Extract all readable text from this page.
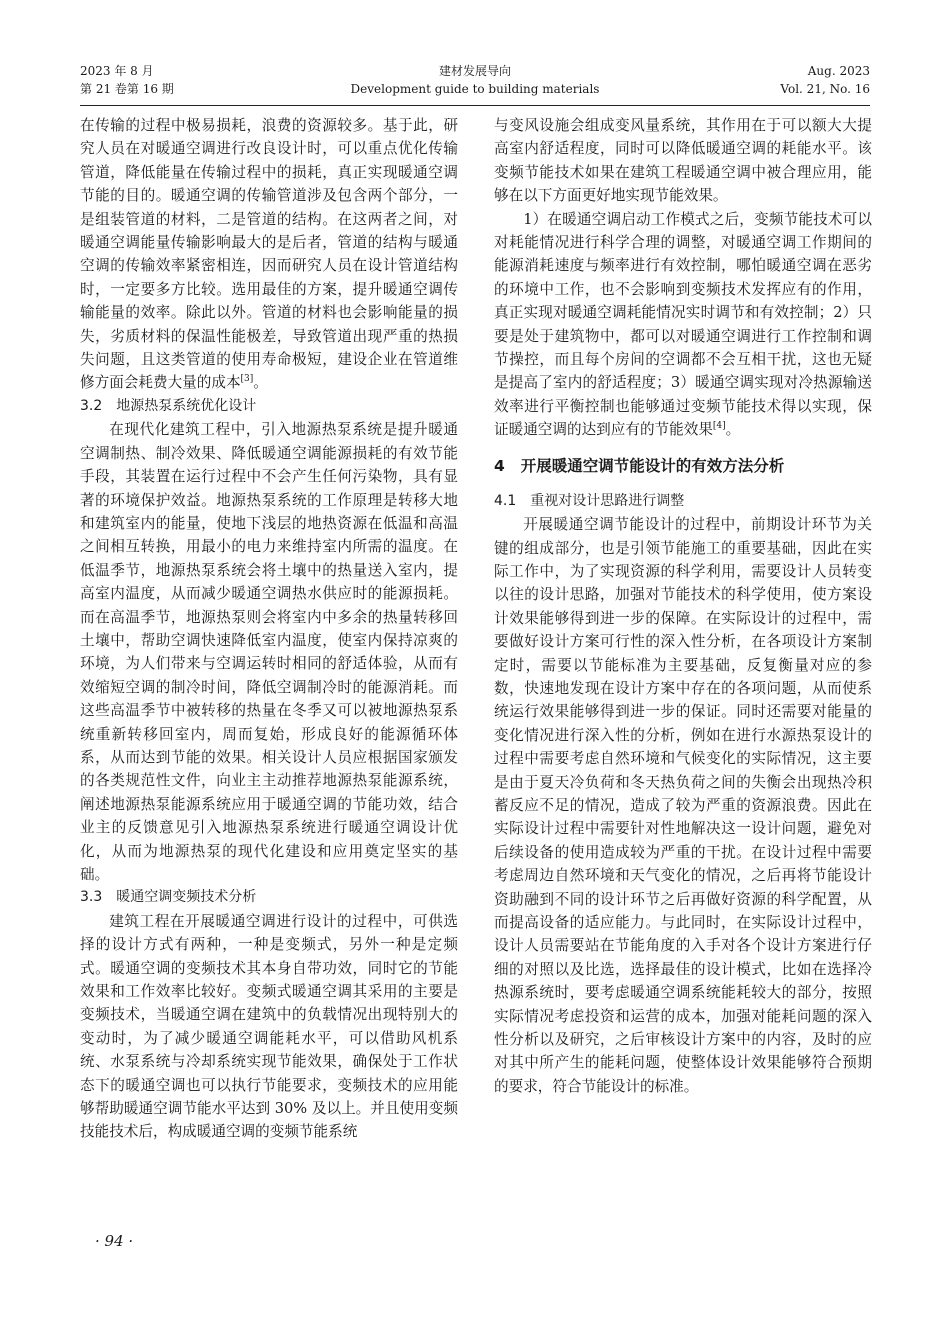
2023 年 8 月
第 21 卷第 16 期
建材发展导向
Development guide to building materials
Aug. 2023
Vol. 21, No. 16

在传输的过程中极易损耗，浪费的资源较多。基于此，研究人员在对暖通空调进行改良设计时，可以重点优化传输管道，降低能量在传输过程中的损耗，真正实现暖通空调节能的目的。暖通空调的传输管道涉及包含两个部分，一是组装管道的材料，二是管道的结构。在这两者之间，对暖通空调能量传输影响最大的是后者，管道的结构与暖通空调的传输效率紧密相连，因而研究人员在设计管道结构时，一定要多方比较。选用最佳的方案，提升暖通空调传输能量的效率。除此以外。管道的材料也会影响能量的损失，劣质材料的保温性能极差，导致管道出现严重的热损失问题，且这类管道的使用寿命极短，建设企业在管道维修方面会耗费大量的成本[3]。

3.2 地源热泵系统优化设计

在现代化建筑工程中，引入地源热泵系统是提升暖通空调制热、制冷效果、降低暖通空调能源损耗的有效节能手段，其装置在运行过程中不会产生任何污染物，具有显著的环境保护效益。地源热泵系统的工作原理是转移大地和建筑室内的能量，使地下浅层的地热资源在低温和高温之间相互转换，用最小的电力来维持室内所需的温度。在低温季节，地源热泵系统会将土壤中的热量送入室内，提高室内温度，从而减少暖通空调热水供应时的能源损耗。而在高温季节，地源热泵则会将室内中多余的热量转移回土壤中，帮助空调快速降低室内温度，使室内保持凉爽的环境，为人们带来与空调运转时相同的舒适体验，从而有效缩短空调的制冷时间，降低空调制冷时的能源消耗。而这些高温季节中被转移的热量在冬季又可以被地源热泵系统重新转移回室内，周而复始，形成良好的能源循环体系，从而达到节能的效果。相关设计人员应根据国家颁发的各类规范性文件，向业主主动推荐地源热泵能源系统，阐述地源热泵能源系统应用于暖通空调的节能功效，结合业主的反馈意见引入地源热泵系统进行暖通空调设计优化，从而为地源热泵的现代化建设和应用奠定坚实的基础。

3.3 暖通空调变频技术分析

建筑工程在开展暖通空调进行设计的过程中，可供选择的设计方式有两种，一种是变频式，另外一种是定频式。暖通空调的变频技术其本身自带功效，同时它的节能效果和工作效率比较好。变频式暖通空调其采用的主要是变频技术，当暖通空调在建筑中的负载情况出现特别大的变动时，为了减少暖通空调能耗水平，可以借助风机系统、水泵系统与冷却系统实现节能效果，确保处于工作状态下的暖通空调也可以执行节能要求，变频技术的应用能够帮助暖通空调节能水平达到 30% 及以上。并且使用变频技能技术后，构成暖通空调的变频节能系统

与变风设施会组成变风量系统，其作用在于可以额大大提高室内舒适程度，同时可以降低暖通空调的耗能水平。该变频节能技术如果在建筑工程暖通空调中被合理应用，能够在以下方面更好地实现节能效果。

1）在暖通空调启动工作模式之后，变频节能技术可以对耗能情况进行科学合理的调整，对暖通空调工作期间的能源消耗速度与频率进行有效控制，哪怕暖通空调在恶劣的环境中工作，也不会影响到变频技术发挥应有的作用，真正实现对暖通空调耗能情况实时调节和有效控制；2）只要是处于建筑物中，都可以对暖通空调进行工作控制和调节操控，而且每个房间的空调都不会互相干扰，这也无疑是提高了室内的舒适程度；3）暖通空调实现对冷热源输送效率进行平衡控制也能够通过变频节能技术得以实现，保证暖通空调的达到应有的节能效果[4]。

4 开展暖通空调节能设计的有效方法分析
4.1 重视对设计思路进行调整

开展暖通空调节能设计的过程中，前期设计环节为关键的组成部分，也是引领节能施工的重要基础，因此在实际工作中，为了实现资源的科学利用，需要设计人员转变以往的设计思路，加强对节能技术的科学使用，使方案设计效果能够得到进一步的保障。在实际设计的过程中，需要做好设计方案可行性的深入性分析，在各项设计方案制定时，需要以节能标准为主要基础，反复衡量对应的参数，快速地发现在设计方案中存在的各项问题，从而使系统运行效果能够得到进一步的保证。同时还需要对能量的变化情况进行深入性的分析，例如在进行水源热泵设计的过程中需要考虑自然环境和气候变化的实际情况，这主要是由于夏天冷负荷和冬天热负荷之间的失衡会出现热冷积蓄反应不足的情况，造成了较为严重的资源浪费。因此在实际设计过程中需要针对性地解决这一设计问题，避免对后续设备的使用造成较为严重的干扰。在设计过程中需要考虑周边自然环境和天气变化的情况，之后再将节能设计资助融到不同的设计环节之后再做好资源的科学配置，从而提高设备的适应能力。与此同时，在实际设计过程中，设计人员需要站在节能角度的入手对各个设计方案进行仔细的对照以及比选，选择最佳的设计模式，比如在选择冷热源系统时，要考虑暖通空调系统能耗较大的部分，按照实际情况考虑投资和运营的成本，加强对能耗问题的深入性分析以及研究，之后审核设计方案中的内容，及时的应对其中所产生的能耗问题，使整体设计效果能够符合预期的要求，符合节能设计的标准。

· 94 ·
